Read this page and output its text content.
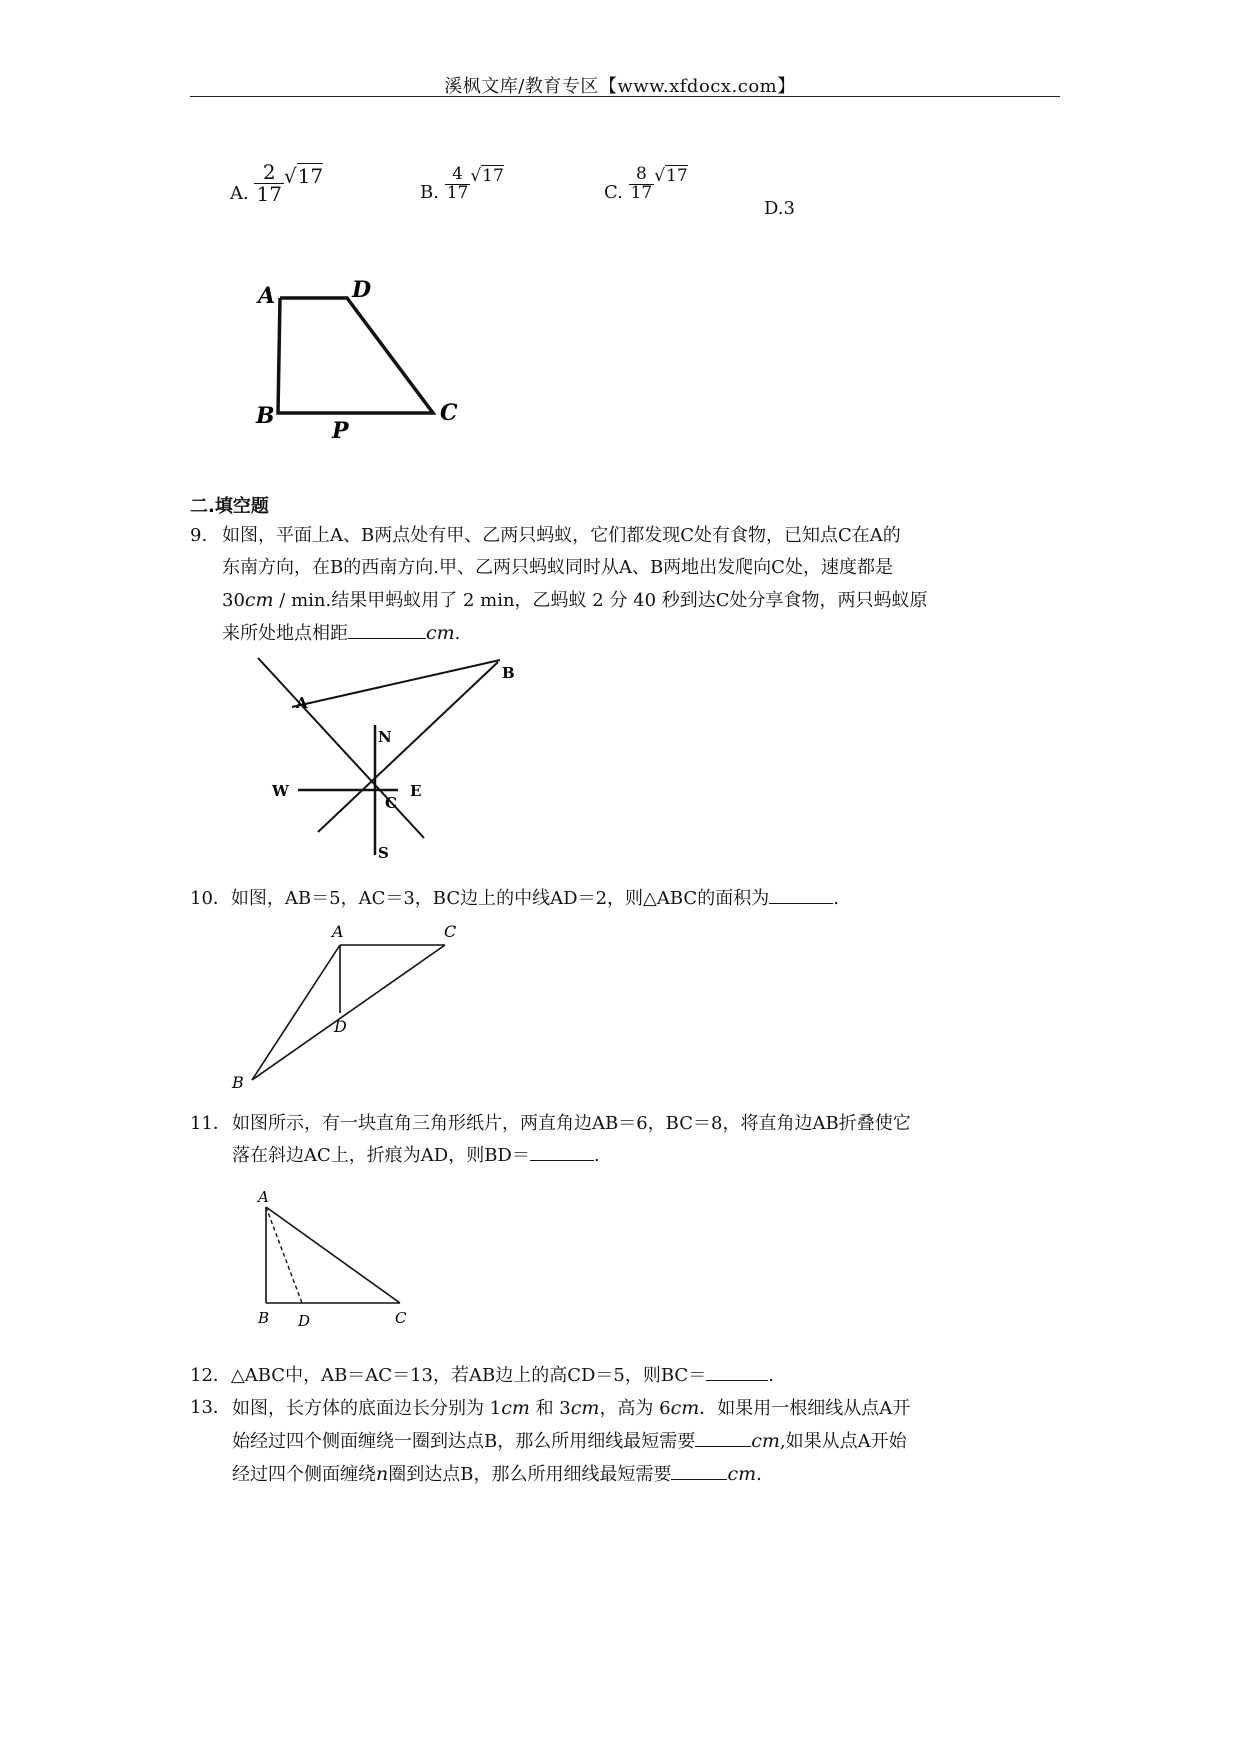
溪枫文库/教育专区【www.xfdocx.com】
A. $\frac{2}{17} √17$
B. $\frac{4}{17} √17$
C. $\frac{8}{17} √17$
D.3
A	D
B	C
P
二.填空题
9. 如图，平面上A、B两点处有甲、乙两只蚂蚁，它们都发现C处有食物，已知点C在A的
东南方向，在B的西南方向.甲、乙两只蚂蚁同时从A、B两地出发爬向C处，速度都是
30cm / min.结果甲蚂蚁用了 2 min，乙蚂蚁 2 分 40 秒到达C处分享食物，两只蚂蚁原
来所处地点相距	cm.
A
B
N
W	E
C
S
10．如图，AB＝5，AC＝3，BC边上的中线AD＝2，则△ABC的面积为	.
A	C
D
B
11． 如图所示，有一块直角三角形纸片，两直角边AB＝6，BC＝8，将直角边AB折叠使它
落在斜边AC上，折痕为AD，则BD＝	.
A
B D	C
12．△ABC中，AB＝AC＝13，若AB边上的高CD＝5，则BC＝	.
13． 如图，长方体的底面边长分别为 1cm 和 3cm，高为 6cm．如果用一根细线从点A开
始经过四个侧面缠绕一圈到达点B，那么所用细线最短需要	cm,如果从点A开始
经过四个侧面缠绕n圈到达点B，那么所用细线最短需要	cm.
